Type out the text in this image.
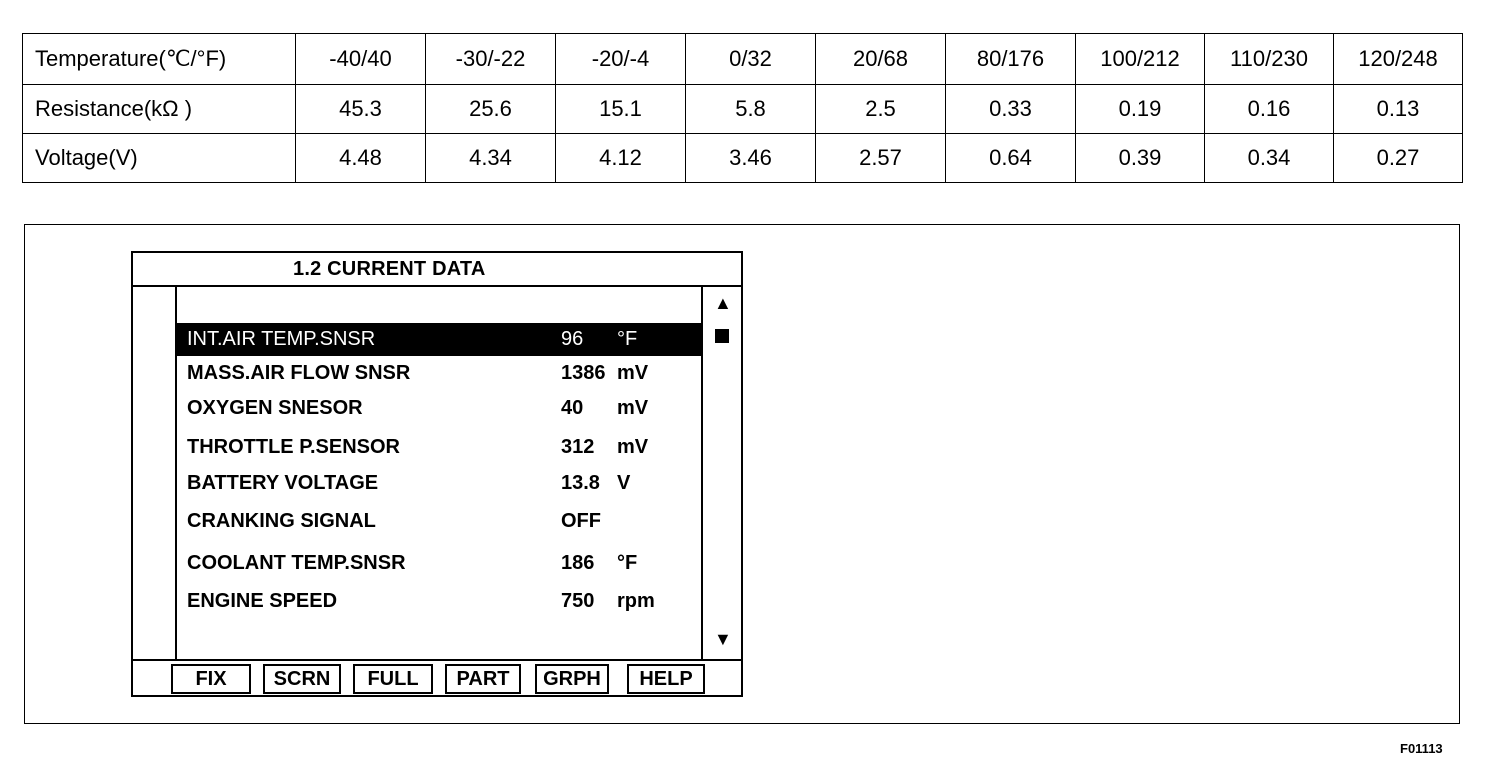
Temperature(℃/°F)	-40/40	-30/-22	-20/-4	0/32	20/68	80/176	100/212	110/230	120/248
Resistance(kΩ )	45.3	25.6	15.1	5.8	2.5	0.33	0.19	0.16	0.13
Voltage(V)	4.48	4.34	4.12	3.46	2.57	0.64	0.39	0.34	0.27
1.2 CURRENT DATA
INT.AIR TEMP.SNSR	96 °F
MASS.AIR FLOW SNSR	1386 mV
OXYGEN SNESOR	40 mV
THROTTLE P.SENSOR	312 mV
BATTERY VOLTAGE	13.8 V
CRANKING SIGNAL	OFF
COOLANT TEMP.SNSR	186 °F
ENGINE SPEED	750 rpm
▲
▼
FIX	SCRN	FULL	PART	GRPH	HELP
F01113
